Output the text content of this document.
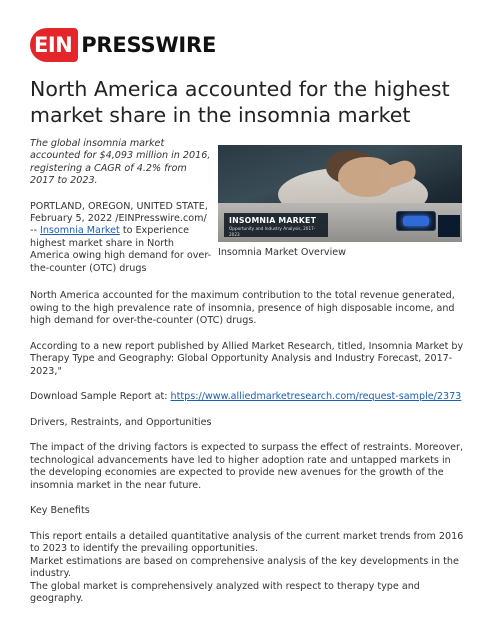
EIN PRESSWIRE
North America accounted for the highest market share in the insomnia market

The global insomnia market accounted for $4,093 million in 2016, registering a CAGR of 4.2% from 2017 to 2023.

PORTLAND, OREGON, UNITED STATE, February 5, 2022 /EINPresswire.com/ -- Insomnia Market to Experience highest market share in North America owing high demand for over-the-counter (OTC) drugs

INSOMNIA MARKET
Opportunity and Industry Analysis, 2017-2023
Insomnia Market Overview

North America accounted for the maximum contribution to the total revenue generated, owing to the high prevalence rate of insomnia, presence of high disposable income, and high demand for over-the-counter (OTC) drugs.

According to a new report published by Allied Market Research, titled, Insomnia Market by Therapy Type and Geography: Global Opportunity Analysis and Industry Forecast, 2017-2023,"

Download Sample Report at: https://www.alliedmarketresearch.com/request-sample/2373

Drivers, Restraints, and Opportunities

The impact of the driving factors is expected to surpass the effect of restraints. Moreover, technological advancements have led to higher adoption rate and untapped markets in the developing economies are expected to provide new avenues for the growth of the insomnia market in the near future.

Key Benefits

This report entails a detailed quantitative analysis of the current market trends from 2016 to 2023 to identify the prevailing opportunities.

Market estimations are based on comprehensive analysis of the key developments in the industry.

The global market is comprehensively analyzed with respect to therapy type and geography.
